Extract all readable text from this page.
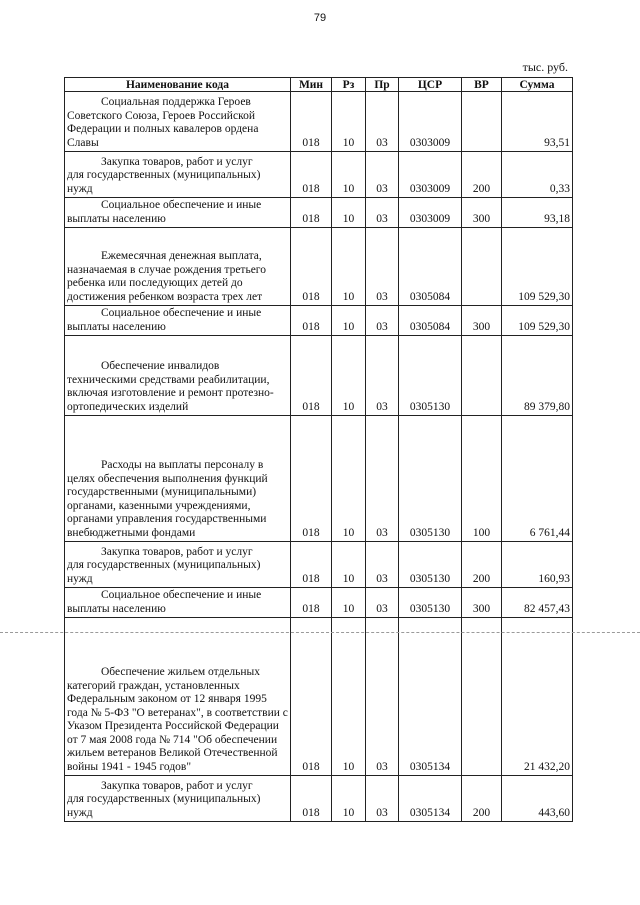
79
тыс. руб.
Наименование кода	Мин	Рз	Пр	ЦСР	ВР	Сумма

Социальная поддержка Героев
Советского Союза, Героев Российской Федерации и полных кавалеров ордена Славы	018	10	03	0303009		93,51

Закупка товаров, работ и услуг
для государственных (муниципальных) нужд	018	10	03	0303009	200	0,33

Социальное обеспечение и иные
выплаты населению	018	10	03	0303009	300	93,18

Ежемесячная денежная выплата,
назначаемая в случае рождения третьего ребенка или последующих детей до достижения ребенком возраста трех лет	018	10	03	0305084		109 529,30

Социальное обеспечение и иные
выплаты населению	018	10	03	0305084	300	109 529,30

Обеспечение инвалидов
техническими средствами реабилитации, включая изготовление и ремонт протезно-ортопедических изделий	018	10	03	0305130		89 379,80

Расходы на выплаты персоналу в
целях обеспечения выполнения функций государственными (муниципальными) органами, казенными учреждениями, органами управления государственными внебюджетными фондами	018	10	03	0305130	100	6 761,44

Закупка товаров, работ и услуг
для государственных (муниципальных) нужд	018	10	03	0305130	200	160,93

Социальное обеспечение и иные
выплаты населению	018	10	03	0305130	300	82 457,43

Обеспечение жильем отдельных
категорий граждан, установленных Федеральным законом от 12 января 1995 года № 5-ФЗ "О ветеранах", в соответствии с Указом Президента Российской Федерации от 7 мая 2008 года № 714 "Об обеспечении жильем ветеранов Великой Отечественной войны 1941 - 1945 годов"	018	10	03	0305134		21 432,20

Закупка товаров, работ и услуг
для государственных (муниципальных) нужд	018	10	03	0305134	200	443,60
